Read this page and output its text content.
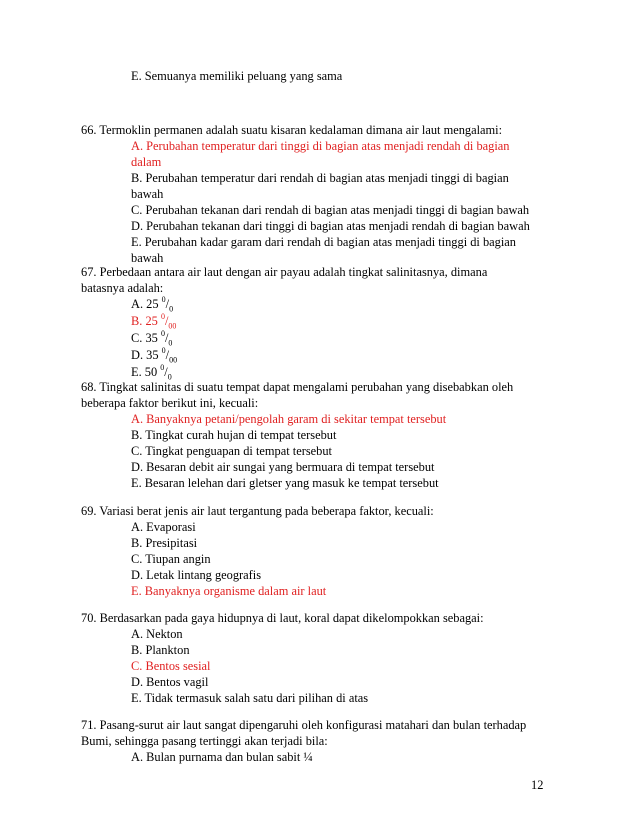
E. Semuanya memiliki peluang yang sama
66. Termoklin permanen adalah suatu kisaran kedalaman dimana air laut mengalami:
A. Perubahan temperatur dari tinggi di bagian atas menjadi rendah di bagian
dalam
B. Perubahan temperatur dari rendah di bagian atas menjadi tinggi di bagian
bawah
C. Perubahan tekanan dari rendah di bagian atas menjadi tinggi di bagian bawah
D. Perubahan tekanan dari tinggi di bagian atas menjadi rendah di bagian bawah
E. Perubahan kadar garam dari rendah di bagian atas menjadi tinggi di bagian
bawah
67. Perbedaan antara air laut dengan air payau adalah tingkat salinitasnya, dimana
batasnya adalah:
A. 25 $^0/_0$
B. 25 $^0/_{00}$
C. 35 $^0/_0$
D. 35 $^0/_{00}$
E. 50 $^0/_0$
68. Tingkat salinitas di suatu tempat dapat mengalami perubahan yang disebabkan oleh
beberapa faktor berikut ini, kecuali:
A. Banyaknya petani/pengolah garam di sekitar tempat tersebut
B. Tingkat curah hujan di tempat tersebut
C. Tingkat penguapan di tempat tersebut
D. Besaran debit air sungai yang bermuara di tempat tersebut
E. Besaran lelehan dari gletser yang masuk ke tempat tersebut
69. Variasi berat jenis air laut tergantung pada beberapa faktor, kecuali:
A. Evaporasi
B. Presipitasi
C. Tiupan angin
D. Letak lintang geografis
E. Banyaknya organisme dalam air laut
70. Berdasarkan pada gaya hidupnya di laut, koral dapat dikelompokkan sebagai:
A. Nekton
B. Plankton
C. Bentos sesial
D. Bentos vagil
E. Tidak termasuk salah satu dari pilihan di atas
71. Pasang-surut air laut sangat dipengaruhi oleh konfigurasi matahari dan bulan terhadap
Bumi, sehingga pasang tertinggi akan terjadi bila:
A. Bulan purnama dan bulan sabit ¼
12
